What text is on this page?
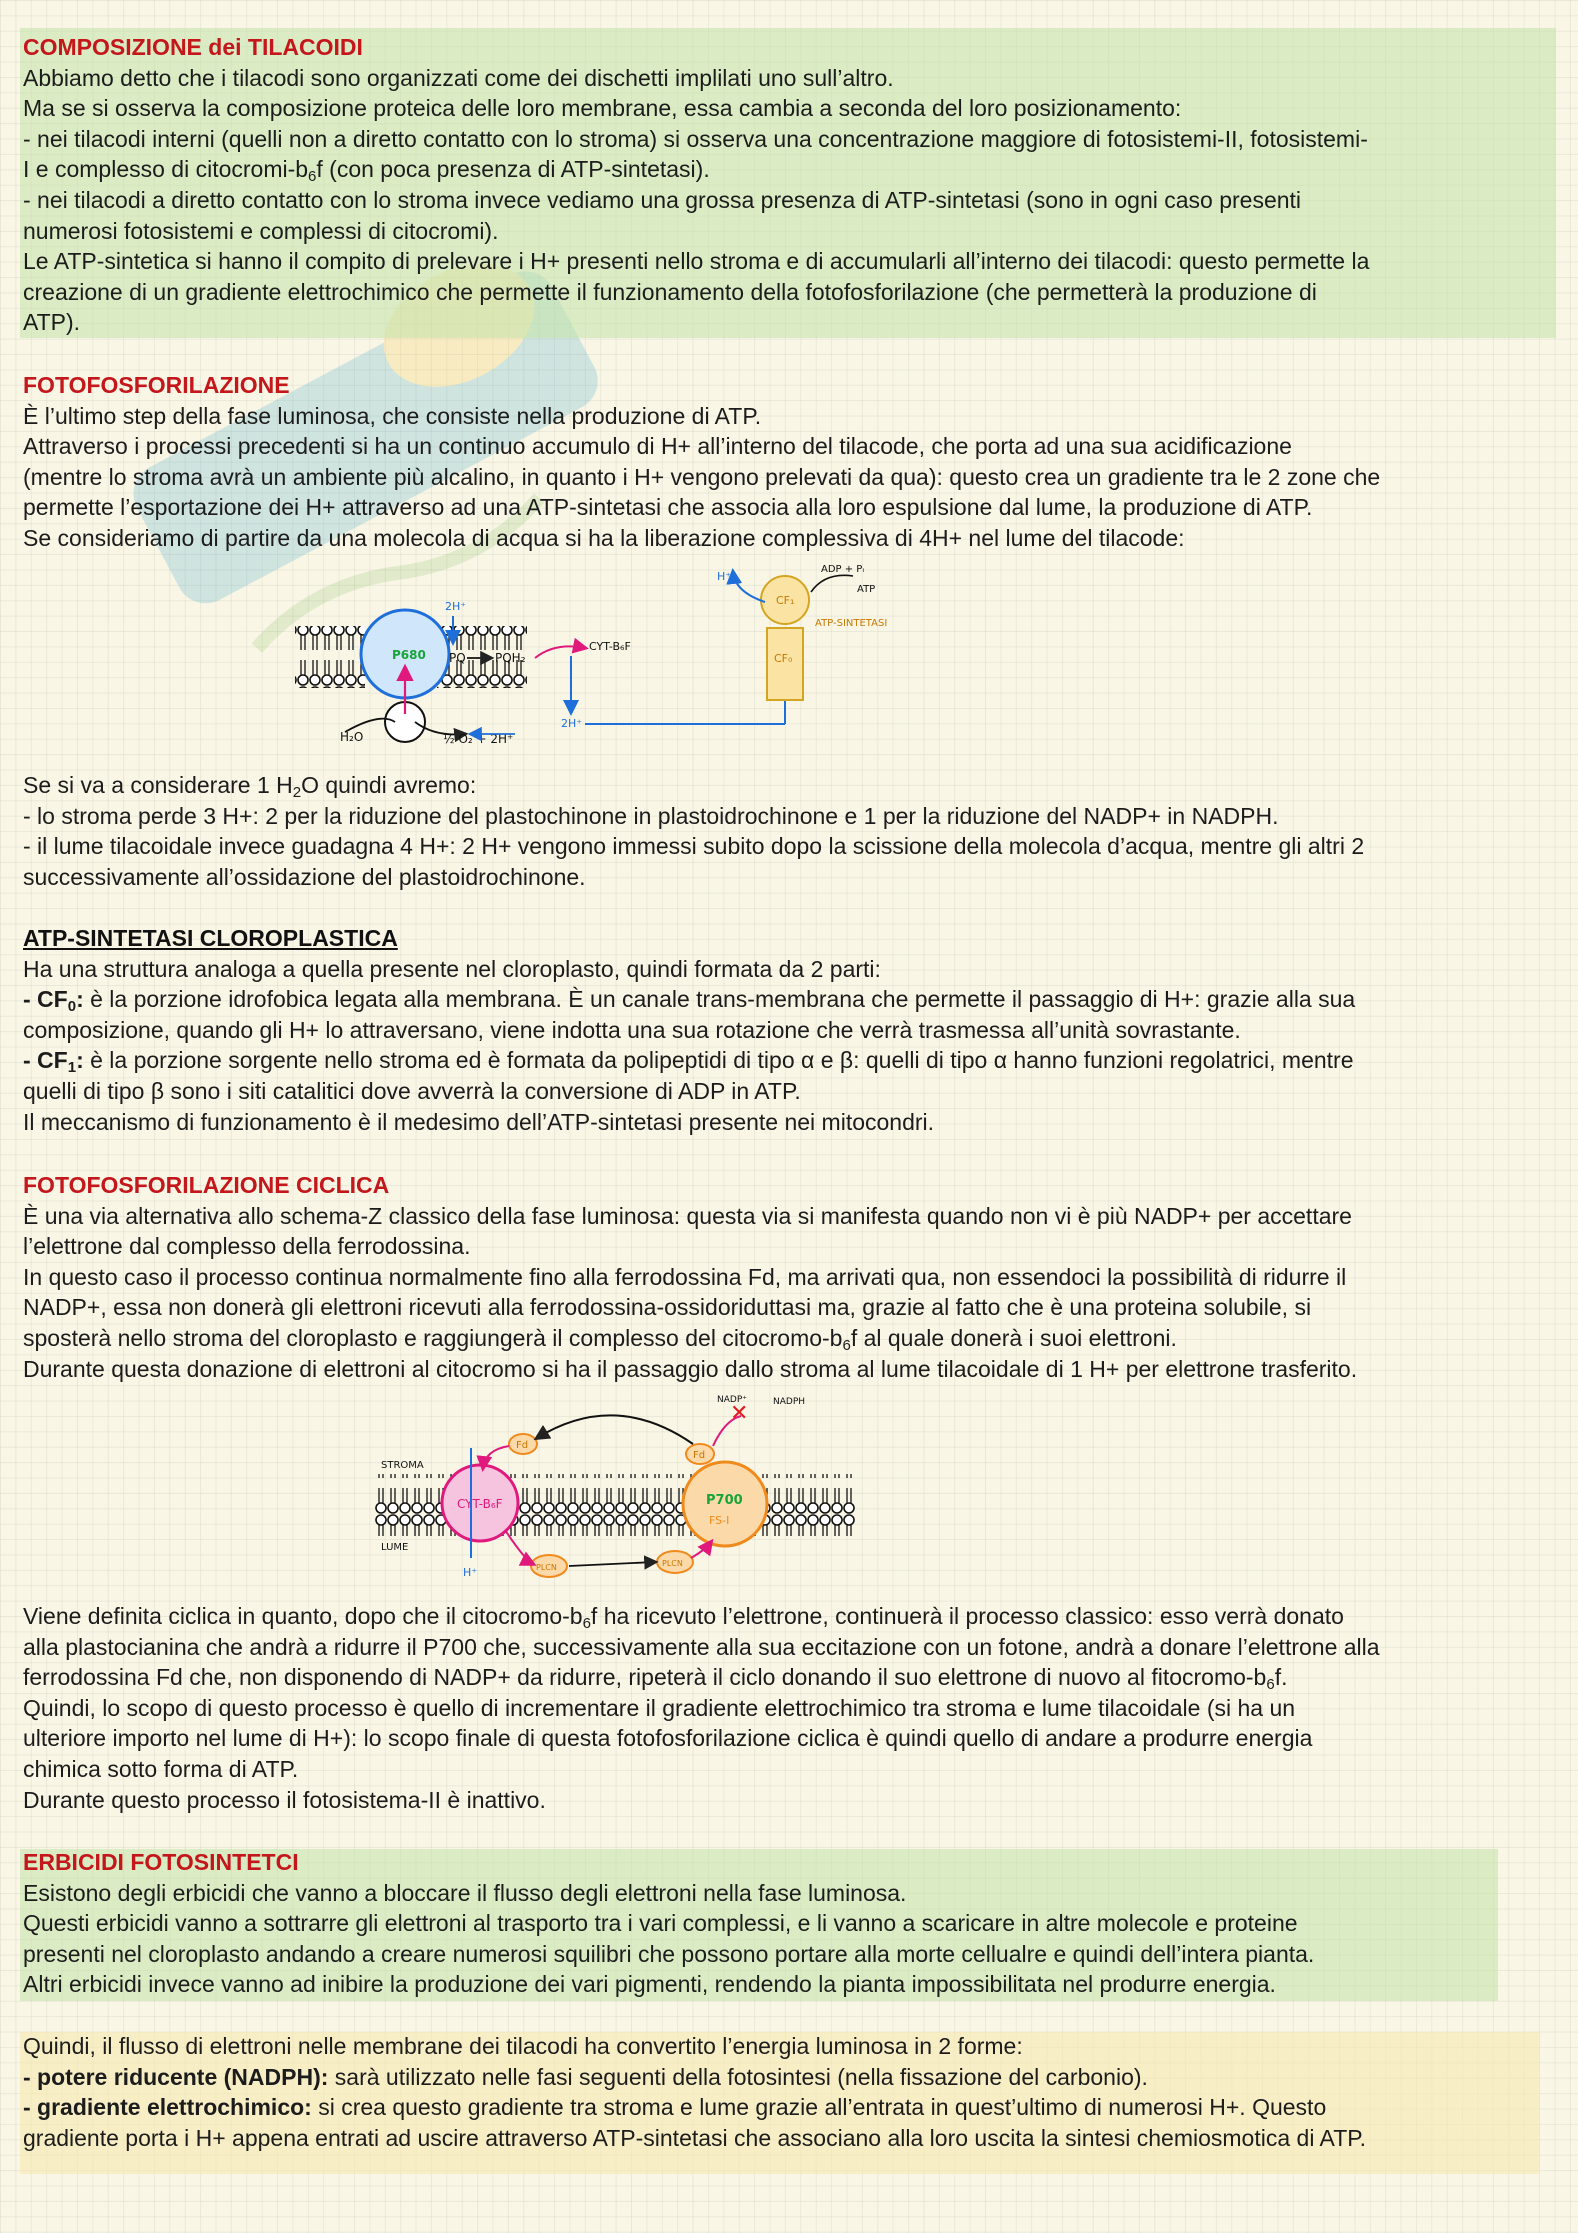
COMPOSIZIONE dei TILACOIDI

Abbiamo detto che i tilacodi sono organizzati come dei dischetti implilati uno sull’altro.

Ma se si osserva la composizione proteica delle loro membrane, essa cambia a seconda del loro posizionamento:

- nei tilacodi interni (quelli non a diretto contatto con lo stroma) si osserva una concentrazione maggiore di fotosistemi-II, fotosistemi-

I e complesso di citocromi-$b_6f$ (con poca presenza di ATP-sintetasi).

- nei tilacodi a diretto contatto con lo stroma invece vediamo una grossa presenza di ATP-sintetasi (sono in ogni caso presenti

numerosi fotosistemi e complessi di citocromi).

Le ATP-sintetica si hanno il compito di prelevare i H+ presenti nello stroma e di accumularli all’interno dei tilacodi: questo permette la

creazione di un gradiente elettrochimico che permette il funzionamento della fotofosforilazione (che permetterà la produzione di

ATP).

FOTOFOSFORILAZIONE

È l’ultimo step della fase luminosa, che consiste nella produzione di ATP.

Attraverso i processi precedenti si ha un continuo accumulo di H+ all’interno del tilacode, che porta ad una sua acidificazione

(mentre lo stroma avrà un ambiente più alcalino, in quanto i H+ vengono prelevati da qua): questo crea un gradiente tra le 2 zone che

permette l’esportazione dei H+ attraverso ad una ATP-sintetasi che associa alla loro espulsione dal lume, la produzione di ATP.

Se consideriamo di partire da una molecola di acqua si ha la liberazione complessiva di 4H+ nel lume del tilacode:

P680
H₂O	½ O₂ + 2H⁺
PQ PQH₂
2H⁺
CYT-B₆F
2H⁺
CF₀
CF₁
ATP-SINTETASI
H⁺
ADP + Pᵢ
ATP

Se si va a considerare 1 $H_2O$ quindi avremo:

- lo stroma perde 3 H+: 2 per la riduzione del plastochinone in plastoidrochinone e 1 per la riduzione del NADP+ in NADPH.

- il lume tilacoidale invece guadagna 4 H+: 2 H+ vengono immessi subito dopo la scissione della molecola d’acqua, mentre gli altri 2

successivamente all’ossidazione del plastoidrochinone.

ATP-SINTETASI CLOROPLASTICA

Ha una struttura analoga a quella presente nel cloroplasto, quindi formata da 2 parti:

- $CF_0$: è la porzione idrofobica legata alla membrana. È un canale trans-membrana che permette il passaggio di H+: grazie alla sua

composizione, quando gli H+ lo attraversano, viene indotta una sua rotazione che verrà trasmessa all’unità sovrastante.

- $CF_1$: è la porzione sorgente nello stroma ed è formata da polipeptidi di tipo α e β: quelli di tipo α hanno funzioni regolatrici, mentre

quelli di tipo β sono i siti catalitici dove avverrà la conversione di ADP in ATP.

Il meccanismo di funzionamento è il medesimo dell’ATP-sintetasi presente nei mitocondri.

FOTOFOSFORILAZIONE CICLICA

È una via alternativa allo schema-Z classico della fase luminosa: questa via si manifesta quando non vi è più NADP+ per accettare

l’elettrone dal complesso della ferrodossina.

In questo caso il processo continua normalmente fino alla ferrodossina Fd, ma arrivati qua, non essendoci la possibilità di ridurre il

NADP+, essa non donerà gli elettroni ricevuti alla ferrodossina-ossidoriduttasi ma, grazie al fatto che è una proteina solubile, si

sposterà nello stroma del cloroplasto e raggiungerà il complesso del citocromo-$b_6f$ al quale donerà i suoi elettroni.

Durante questa donazione di elettroni al citocromo si ha il passaggio dallo stroma al lume tilacoidale di 1 H+ per elettrone trasferito.

STROMA
LUME
CYT-B₆F	P700
FS-I
Fd
Fd
✕
NADP⁺	NADPH
PLCN	PLCN
H⁺

Viene definita ciclica in quanto, dopo che il citocromo-$b_6f$ ha ricevuto l’elettrone, continuerà il processo classico: esso verrà donato

alla plastocianina che andrà a ridurre il P700 che, successivamente alla sua eccitazione con un fotone, andrà a donare l’elettrone alla

ferrodossina Fd che, non disponendo di NADP+ da ridurre, ripeterà il ciclo donando il suo elettrone di nuovo al fitocromo-$b_6f$.

Quindi, lo scopo di questo processo è quello di incrementare il gradiente elettrochimico tra stroma e lume tilacoidale (si ha un

ulteriore importo nel lume di H+): lo scopo finale di questa fotofosforilazione ciclica è quindi quello di andare a produrre energia

chimica sotto forma di ATP.

Durante questo processo il fotosistema-II è inattivo.

ERBICIDI FOTOSINTETCI

Esistono degli erbicidi che vanno a bloccare il flusso degli elettroni nella fase luminosa.

Questi erbicidi vanno a sottrarre gli elettroni al trasporto tra i vari complessi, e li vanno a scaricare in altre molecole e proteine

presenti nel cloroplasto andando a creare numerosi squilibri che possono portare alla morte cellualre e quindi dell’intera pianta.

Altri erbicidi invece vanno ad inibire la produzione dei vari pigmenti, rendendo la pianta impossibilitata nel produrre energia.

Quindi, il flusso di elettroni nelle membrane dei tilacodi ha convertito l’energia luminosa in 2 forme:

- potere riducente (NADPH): sarà utilizzato nelle fasi seguenti della fotosintesi (nella fissazione del carbonio).

- gradiente elettrochimico: si crea questo gradiente tra stroma e lume grazie all’entrata in quest’ultimo di numerosi H+. Questo

gradiente porta i H+ appena entrati ad uscire attraverso ATP-sintetasi che associano alla loro uscita la sintesi chemiosmotica di ATP.
